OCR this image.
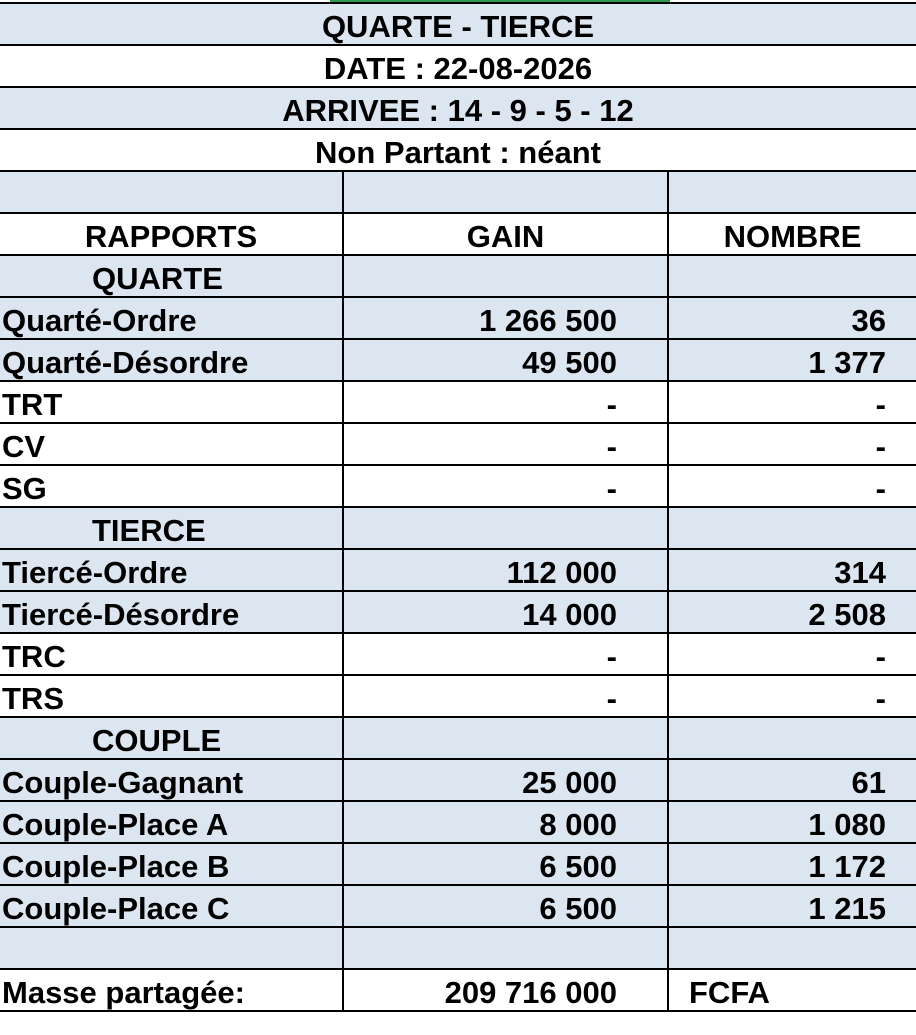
QUARTE - TIERCE
DATE : 22-08-2026
ARRIVEE : 14 - 9 - 5 - 12
Non Partant : néant
RAPPORTS	GAIN	NOMBRE
QUARTE
Quarté-Ordre	1 266 500	36
Quarté-Désordre	49 500	1 377
TRT	-	-
CV	-	-
SG	-	-
TIERCE
Tiercé-Ordre	112 000	314
Tiercé-Désordre	14 000	2 508
TRC	-	-
TRS	-	-
COUPLE
Couple-Gagnant	25 000	61
Couple-Place A	8 000	1 080
Couple-Place B	6 500	1 172
Couple-Place C	6 500	1 215
Masse partagée:	209 716 000	FCFA
